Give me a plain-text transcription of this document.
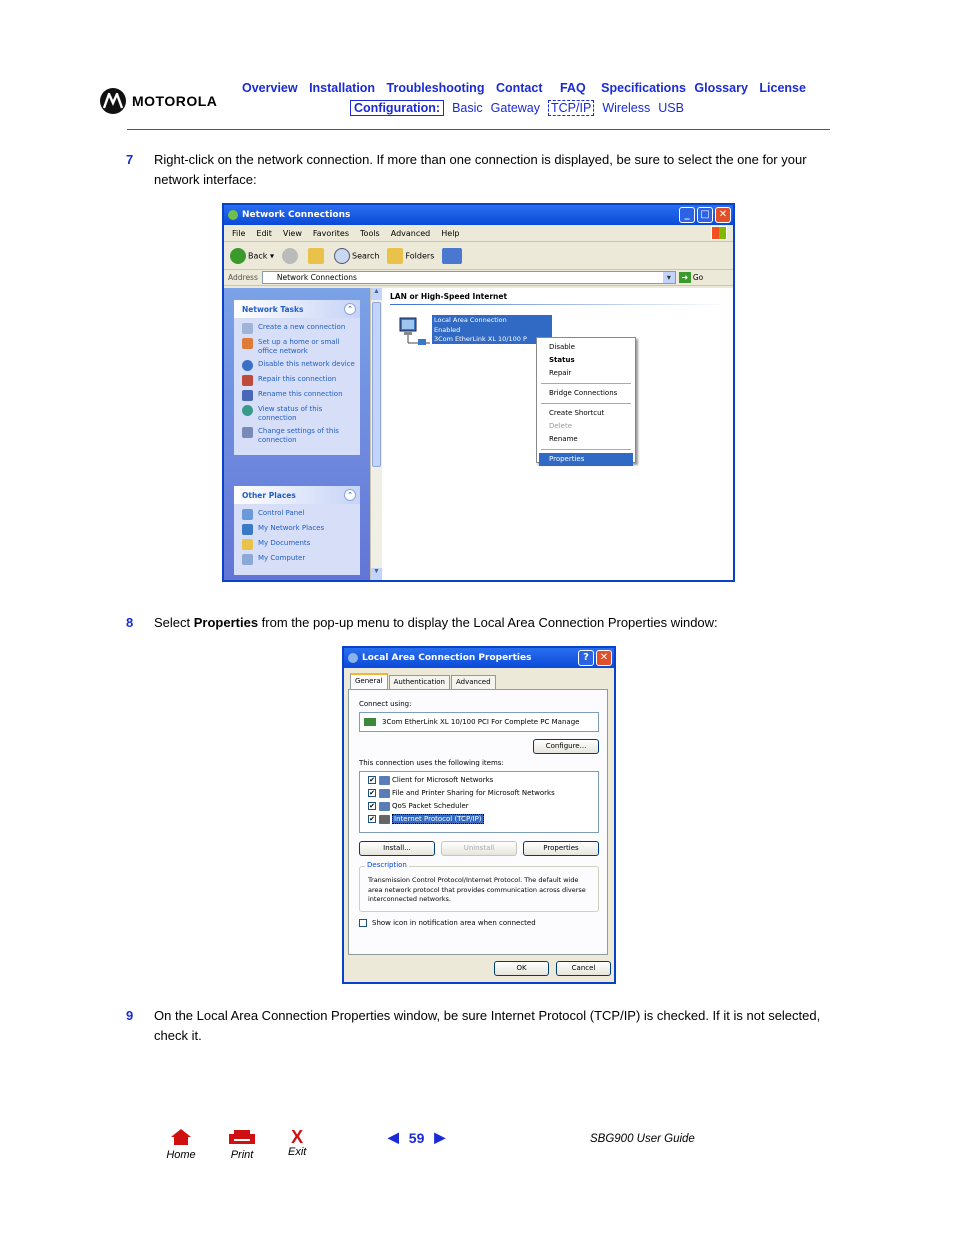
MOTOROLA
Overview Installation Troubleshooting Contact FAQ Specifications Glossary License
Configuration: Basic Gateway TCP/IP Wireless USB
7 Right-click on the network connection. If more than one connection is displayed, be sure to select the one for your network interface:
Network Connections	_	□ ✕
File Edit View Favorites Tools Advanced Help
Back ▾	Search	Folders
Address	Network Connections ▾	➜ Go
Network Tasks	⌃
Create a new connection
Set up a home or small office network
Disable this network device
Repair this connection
Rename this connection
View status of this connection
Change settings of this connection
Other Places	⌃
Control Panel
My Network Places
My Documents
My Computer
▲
▼
LAN or High-Speed Internet
Local Area Connection
Enabled
3Com EtherLink XL 10/100 P
Disable
Status
Repair
Bridge Connections
Create Shortcut
Delete
Rename
Properties
8 Select Properties from the pop-up menu to display the Local Area Connection Properties window:
Local Area Connection Properties	?	✕
General	Authentication	Advanced
Connect using:
3Com EtherLink XL 10/100 PCI For Complete PC Manage
Configure...
This connection uses the following items:
✔ Client for Microsoft Networks
✔ File and Printer Sharing for Microsoft Networks
✔ QoS Packet Scheduler
✔	Internet Protocol (TCP/IP)
Install...	Uninstall	Properties
Description
Transmission Control Protocol/Internet Protocol. The default wide area network protocol that provides communication across diverse interconnected networks.
Show icon in notification area when connected
OK	Cancel
9 On the Local Area Connection Properties window, be sure Internet Protocol (TCP/IP) is checked. If it is not selected, check it.
Home	Print
X
Exit
◀ 59 ▶	SBG900 User Guide
